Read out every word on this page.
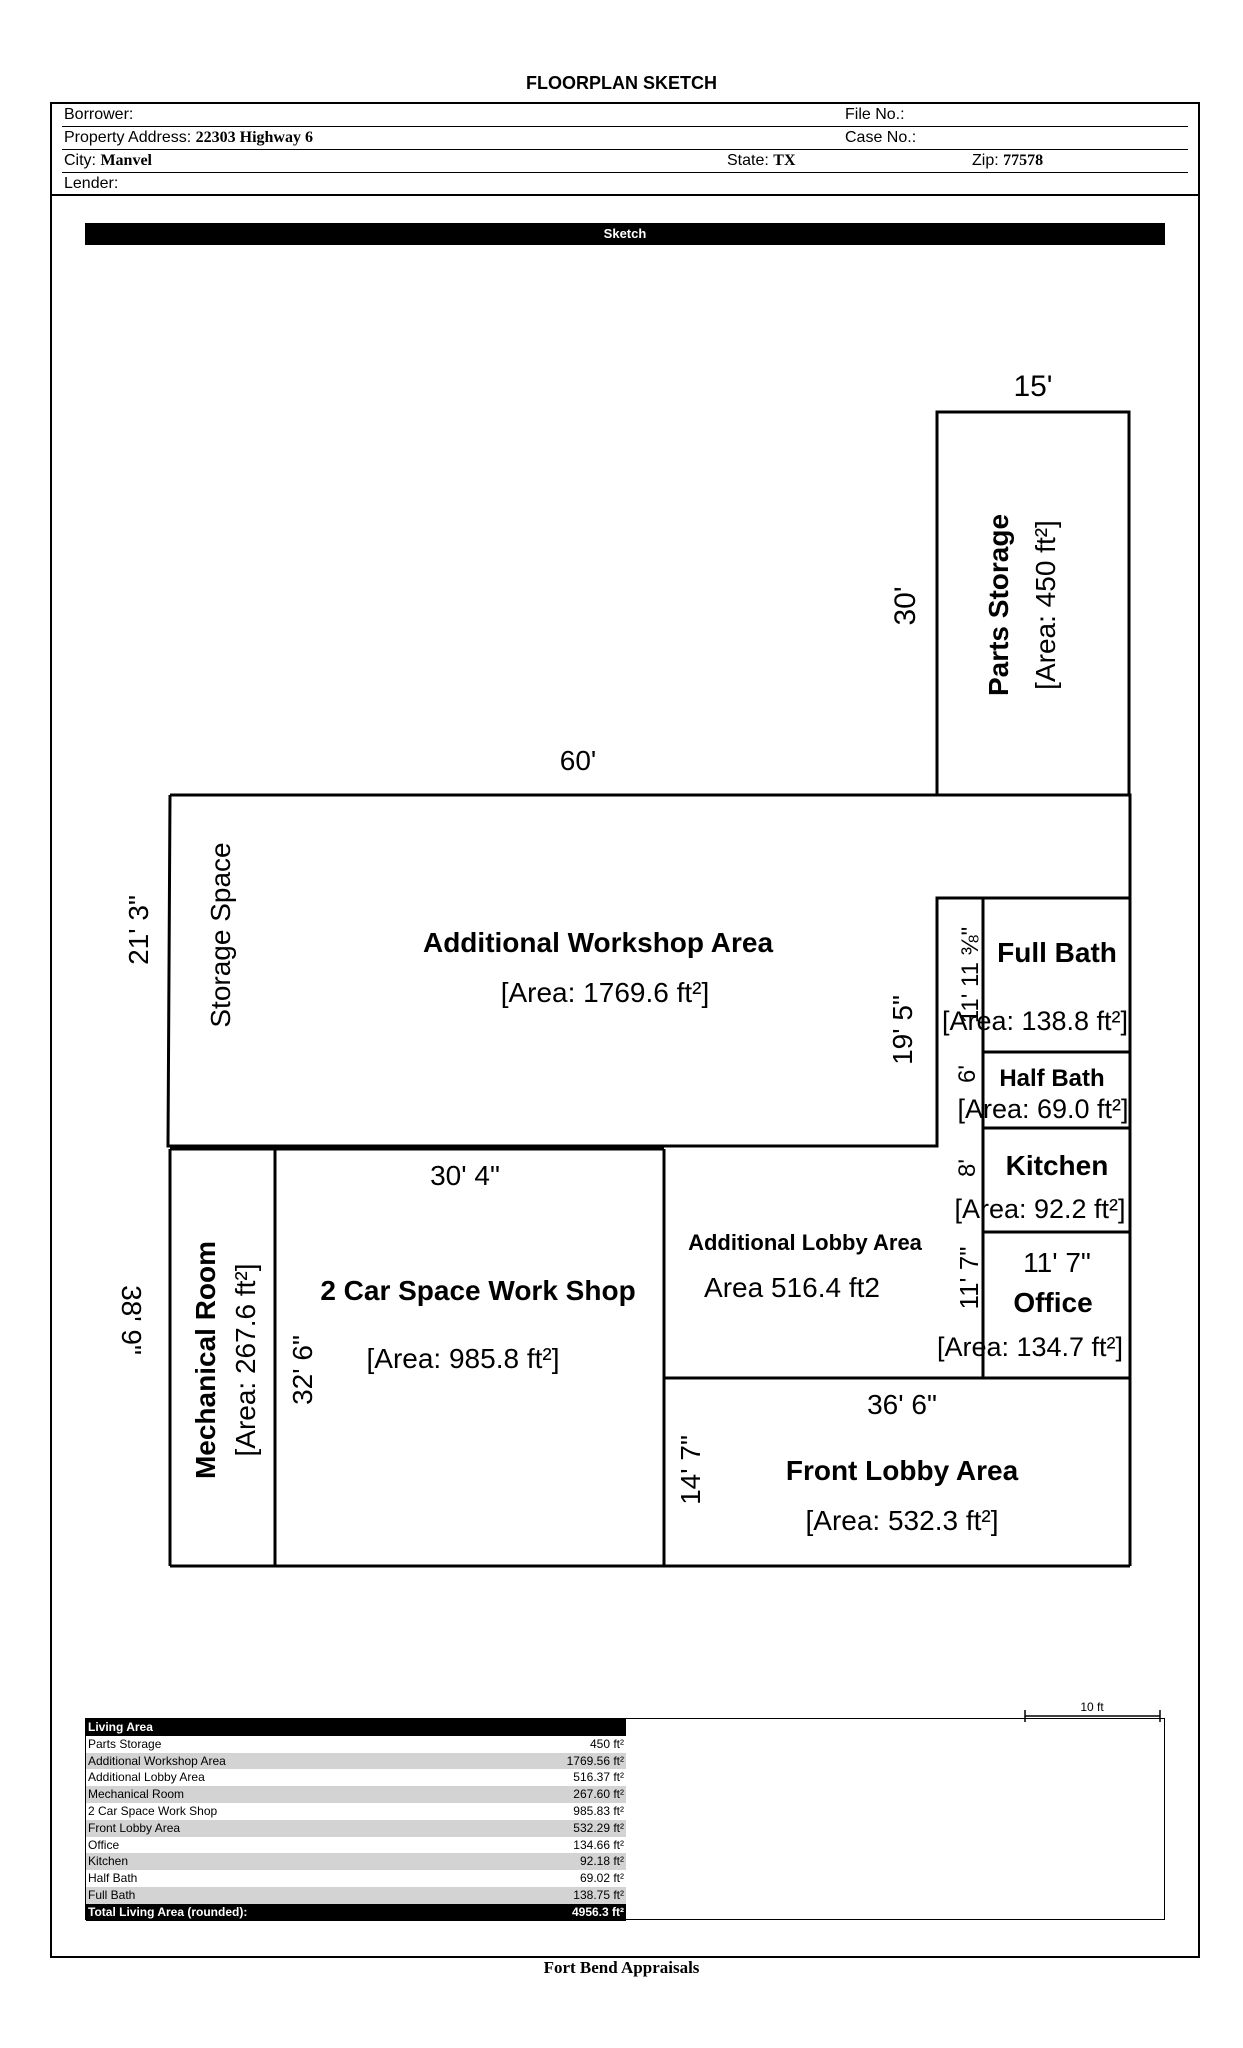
FLOORPLAN SKETCH
Borrower:	File No.:
Property Address: 22303 Highway 6	Case No.:
City: Manvel	State: TX	Zip: 77578
Lender:
Sketch
15'
30'
60'
21' 3"	11' 11 ⅜"
19' 5"
6'
8'
11' 7" 11' 7"
30' 4"
38' 9"
32' 6"	36' 6"
14' 7"
Parts Storage [Area: 450 ft²]
Storage Space	Additional Workshop Area
[Area: 1769.6 ft²]
Full Bath
[Area: 138.8 ft²]
Half Bath
[Area: 69.0 ft²]
Kitchen
[Area: 92.2 ft²]
Office
[Area: 134.7 ft²]
Additional Lobby Area
Area 516.4 ft2
Mechanical Room [Area: 267.6 ft²] 2 Car Space Work Shop
[Area: 985.8 ft²]
Front Lobby Area
[Area: 532.3 ft²]
10 ft
Living Area
Parts Storage	450 ft²
Additional Workshop Area	1769.56 ft²
Additional Lobby Area	516.37 ft²
Mechanical Room	267.60 ft²
2 Car Space Work Shop	985.83 ft²
Front Lobby Area	532.29 ft²
Office	134.66 ft²
Kitchen	92.18 ft²
Half Bath	69.02 ft²
Full Bath	138.75 ft²
Total Living Area (rounded):	4956.3 ft²
Fort Bend Appraisals
